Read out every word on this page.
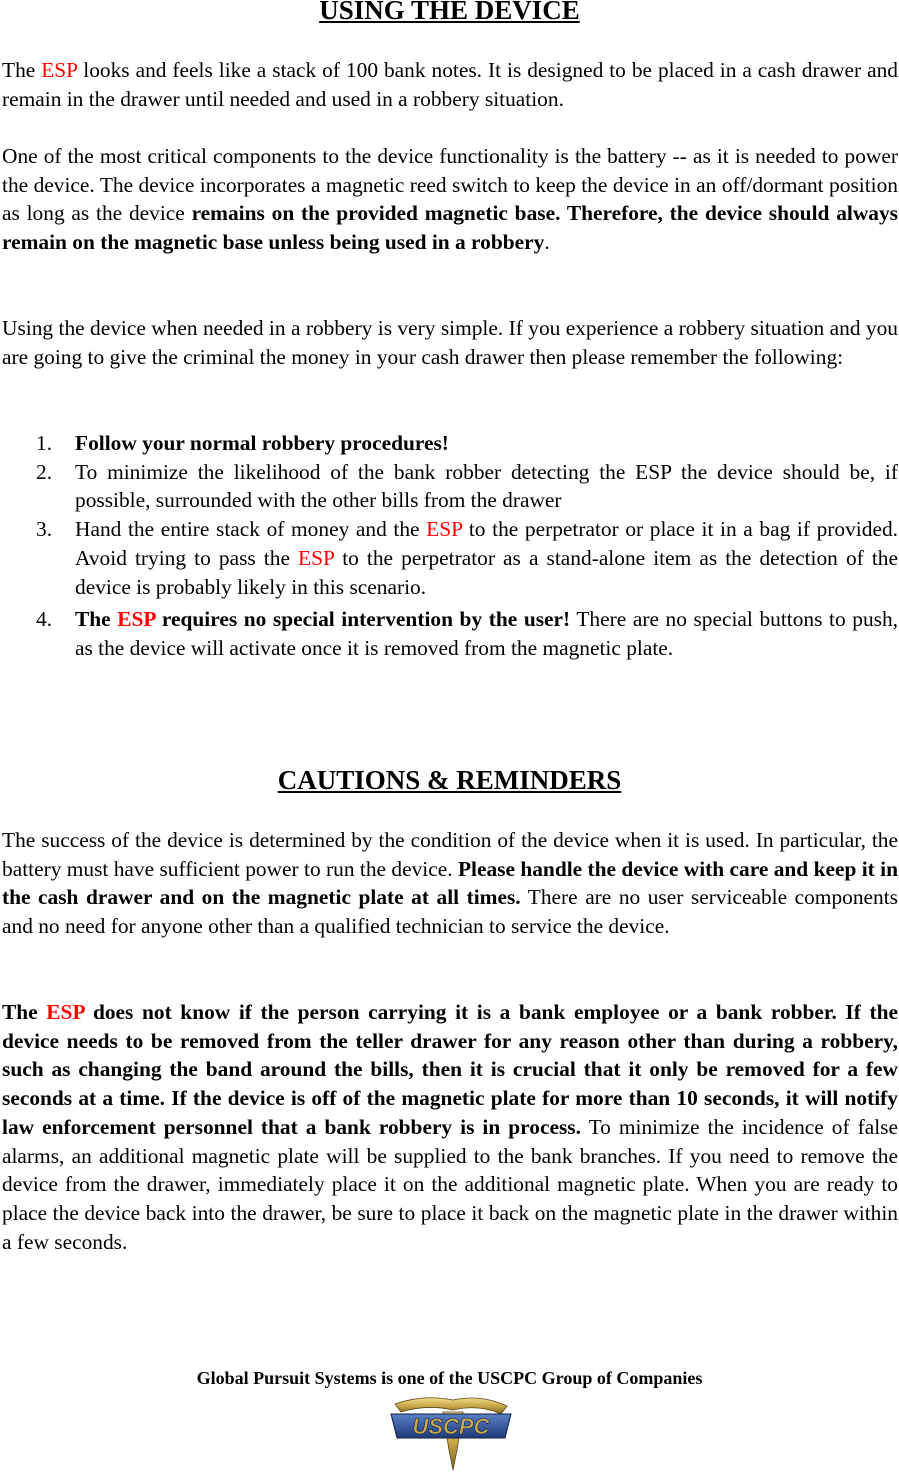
USING THE DEVICE

The ESP looks and feels like a stack of 100 bank notes. It is designed to be placed in a cash drawer and remain in the drawer until needed and used in a robbery situation.

One of the most critical components to the device functionality is the battery -- as it is needed to power the device. The device incorporates a magnetic reed switch to keep the device in an off/dormant position as long as the device remains on the provided magnetic base. Therefore, the device should always remain on the magnetic base unless being used in a robbery.

Using the device when needed in a robbery is very simple. If you experience a robbery situation and you are going to give the criminal the money in your cash drawer then please remember the following:

1. Follow your normal robbery procedures!
2. To minimize the likelihood of the bank robber detecting the ESP the device should be, if possible, surrounded with the other bills from the drawer
3. Hand the entire stack of money and the ESP to the perpetrator or place it in a bag if provided. Avoid trying to pass the ESP to the perpetrator as a stand-alone item as the detection of the device is probably likely in this scenario.
4. The ESP requires no special intervention by the user! There are no special buttons to push, as the device will activate once it is removed from the magnetic plate.
CAUTIONS & REMINDERS

The success of the device is determined by the condition of the device when it is used. In particular, the battery must have sufficient power to run the device. Please handle the device with care and keep it in the cash drawer and on the magnetic plate at all times. There are no user serviceable components and no need for anyone other than a qualified technician to service the device.

The ESP does not know if the person carrying it is a bank employee or a bank robber. If the device needs to be removed from the teller drawer for any reason other than during a robbery, such as changing the band around the bills, then it is crucial that it only be removed for a few seconds at a time. If the device is off of the magnetic plate for more than 10 seconds, it will notify law enforcement personnel that a bank robbery is in process. To minimize the incidence of false alarms, an additional magnetic plate will be supplied to the bank branches. If you need to remove the device from the drawer, immediately place it on the additional magnetic plate. When you are ready to place the device back into the drawer, be sure to place it back on the magnetic plate in the drawer within a few seconds.

Global Pursuit Systems is one of the USCPC Group of Companies
USCPC
